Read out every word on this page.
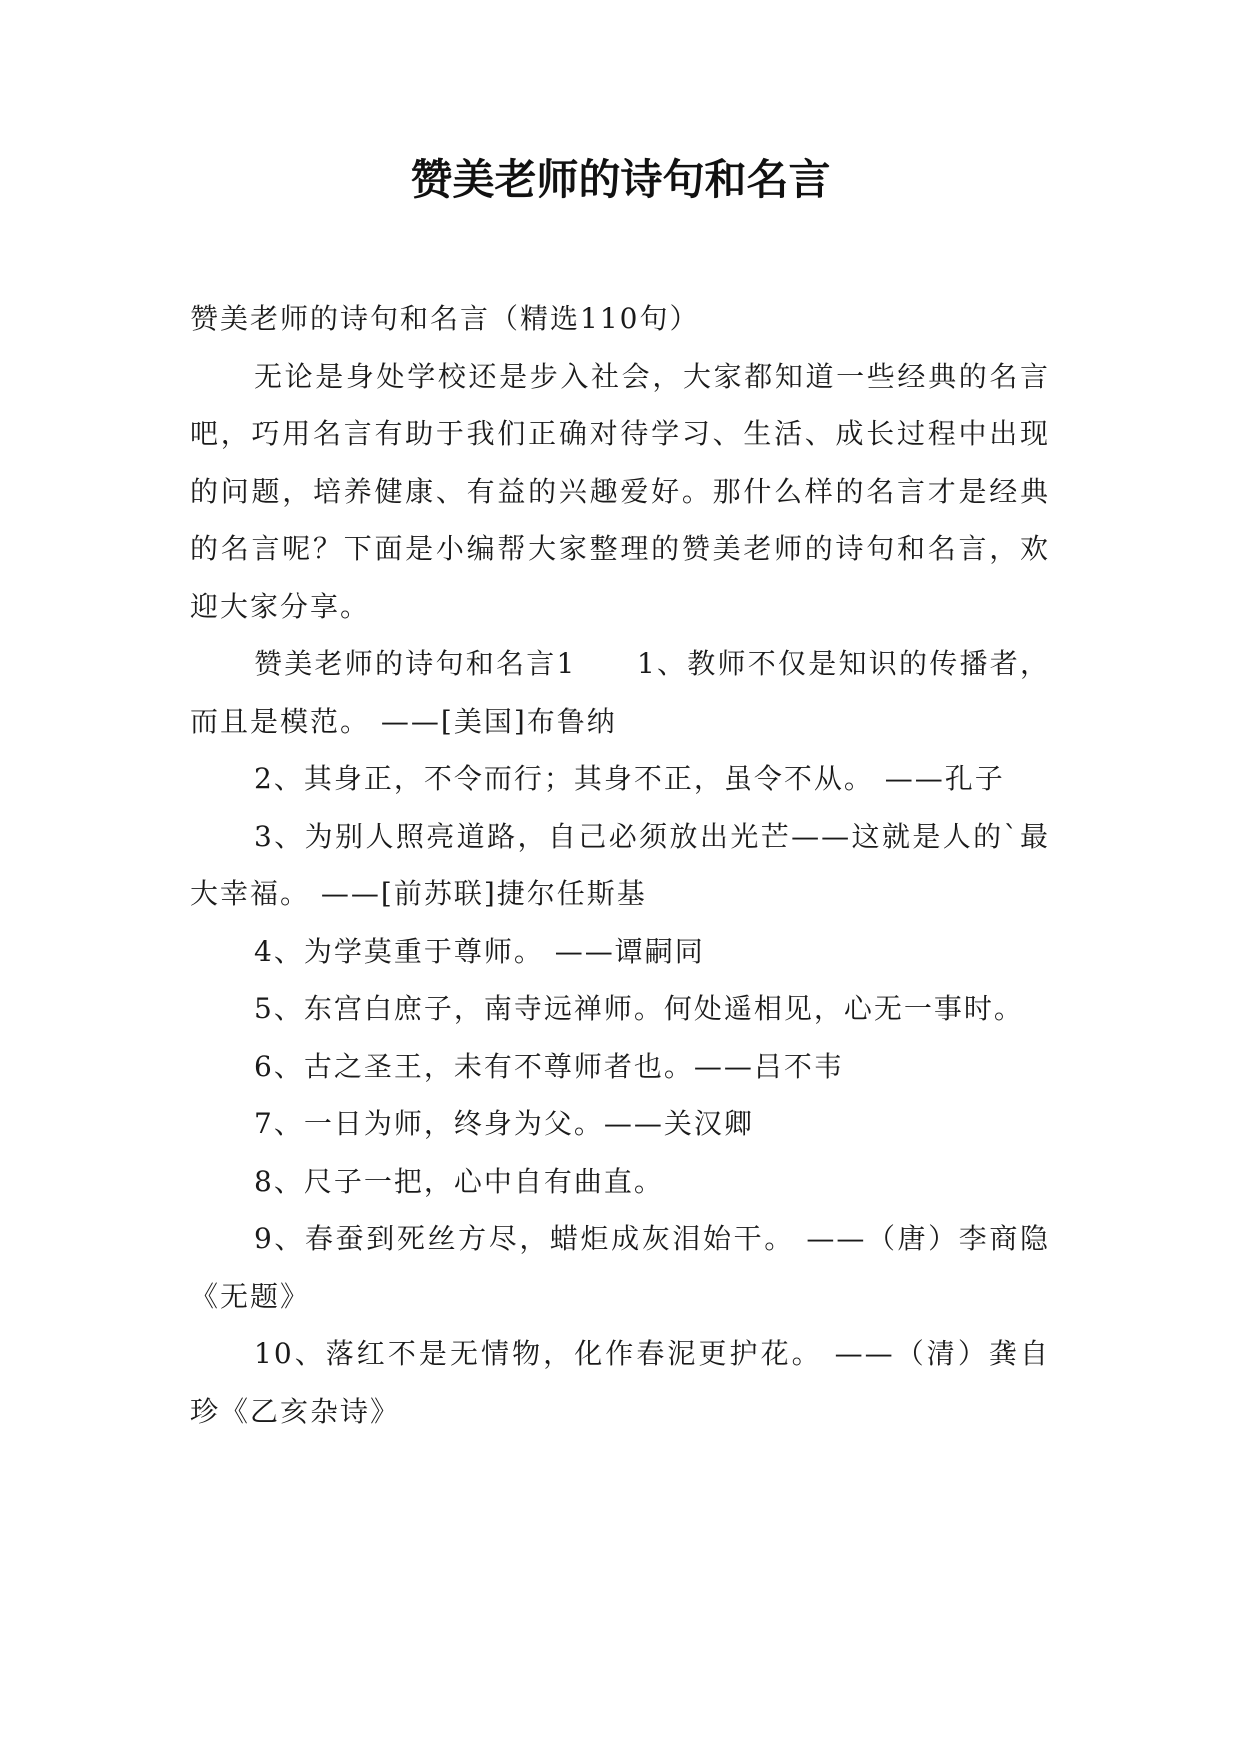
赞美老师的诗句和名言

赞美老师的诗句和名言（精选110句）

无论是身处学校还是步入社会，大家都知道一些经典的名言吧，巧用名言有助于我们正确对待学习、生活、成长过程中出现的问题，培养健康、有益的兴趣爱好。那什么样的名言才是经典的名言呢？下面是小编帮大家整理的赞美老师的诗句和名言，欢迎大家分享。

赞美老师的诗句和名言1　　1、教师不仅是知识的传播者，而且是模范。 ——[美国]布鲁纳

2、其身正，不令而行；其身不正，虽令不从。 ——孔子

3、为别人照亮道路，自己必须放出光芒——这就是人的`最大幸福。 ——[前苏联]捷尔任斯基

4、为学莫重于尊师。 ——谭嗣同

5、东宫白庶子，南寺远禅师。何处遥相见，心无一事时。

6、古之圣王，未有不尊师者也。——吕不韦

7、一日为师，终身为父。——关汉卿

8、尺子一把，心中自有曲直。

9、春蚕到死丝方尽，蜡炬成灰泪始干。 ——（唐）李商隐《无题》

10、落红不是无情物，化作春泥更护花。 ——（清）龚自珍《乙亥杂诗》
